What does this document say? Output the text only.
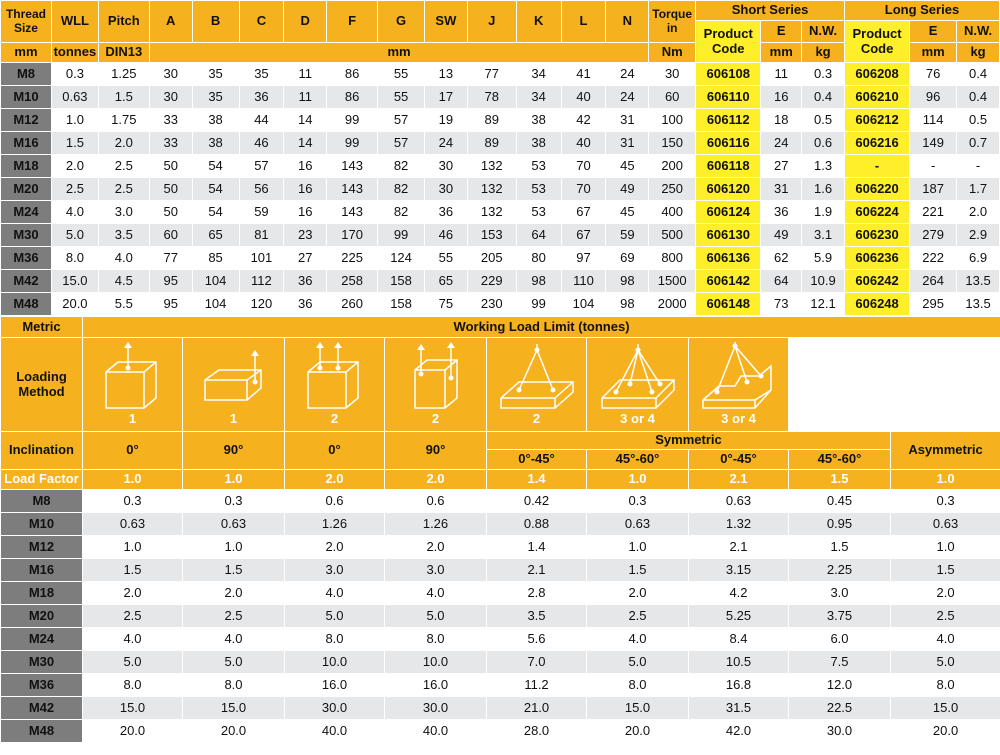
Thread Size	WLL	Pitch	A	B	C	D	F	G	SW	J	K	L	N	Torque in	Short Series			Long Series		
															Product Code	E	N.W.	Product Code	E	N.W.
mm	tonnes	DIN13	mm											Nm		mm	kg		mm	kg
M8	0.3	1.25	30	35	35	11	86	55	13	77	34	41	24	30	606108	11	0.3	606208	76	0.4
M10	0.63	1.5	30	35	36	11	86	55	17	78	34	40	24	60	606110	16	0.4	606210	96	0.4
M12	1.0	1.75	33	38	44	14	99	57	19	89	38	42	31	100	606112	18	0.5	606212	114	0.5
M16	1.5	2.0	33	38	46	14	99	57	24	89	38	40	31	150	606116	24	0.6	606216	149	0.7
M18	2.0	2.5	50	54	57	16	143	82	30	132	53	70	45	200	606118	27	1.3	-	-	-
M20	2.5	2.5	50	54	56	16	143	82	30	132	53	70	49	250	606120	31	1.6	606220	187	1.7
M24	4.0	3.0	50	54	59	16	143	82	36	132	53	67	45	400	606124	36	1.9	606224	221	2.0
M30	5.0	3.5	60	65	81	23	170	99	46	153	64	67	59	500	606130	49	3.1	606230	279	2.9
M36	8.0	4.0	77	85	101	27	225	124	55	205	80	97	69	800	606136	62	5.9	606236	222	6.9
M42	15.0	4.5	95	104	112	36	258	158	65	229	98	110	98	1500	606142	64	10.9	606242	264	13.5
M48	20.0	5.5	95	104	120	36	260	158	75	230	99	104	98	2000	606148	73	12.1	606248	295	13.5
Metric	Working Load Limit (tonnes)								
Loading Method	1	1	2	2	2	3 or 4	3 or 4		

Inclination	0°	90°	0°	90°	Symmetric				Asymmetric
					0°-45°	45°-60°	0°-45°	45°-60°	
Load Factor	1.0	1.0	2.0	2.0	1.4	1.0	2.1	1.5	1.0
M8	0.3	0.3	0.6	0.6	0.42	0.3	0.63	0.45	0.3
M10	0.63	0.63	1.26	1.26	0.88	0.63	1.32	0.95	0.63
M12	1.0	1.0	2.0	2.0	1.4	1.0	2.1	1.5	1.0
M16	1.5	1.5	3.0	3.0	2.1	1.5	3.15	2.25	1.5
M18	2.0	2.0	4.0	4.0	2.8	2.0	4.2	3.0	2.0
M20	2.5	2.5	5.0	5.0	3.5	2.5	5.25	3.75	2.5
M24	4.0	4.0	8.0	8.0	5.6	4.0	8.4	6.0	4.0
M30	5.0	5.0	10.0	10.0	7.0	5.0	10.5	7.5	5.0
M36	8.0	8.0	16.0	16.0	11.2	8.0	16.8	12.0	8.0
M42	15.0	15.0	30.0	30.0	21.0	15.0	31.5	22.5	15.0
M48	20.0	20.0	40.0	40.0	28.0	20.0	42.0	30.0	20.0
